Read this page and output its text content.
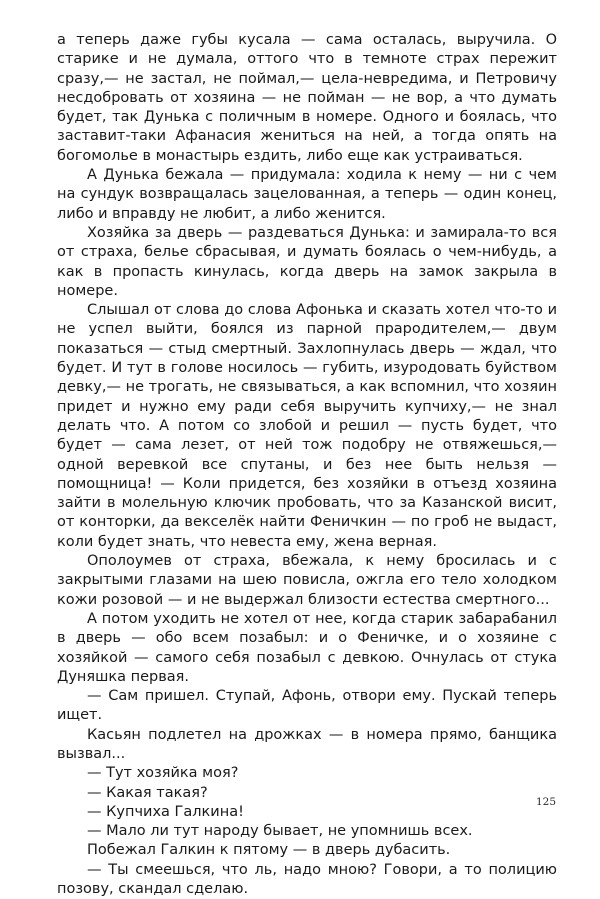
а теперь даже губы кусала — сама осталась, выручила. О старике и не думала, оттого что в темноте страх пережит сразу,— не застал, не поймал,— цела-невредима, и Петровичу несдобровать от хозяина — не пойман — не вор, а что думать будет, так Дунька с поличным в номере. Одного и боялась, что заставит-таки Афанасия жениться на ней, а тогда опять на богомолье в монастырь ездить, либо еще как устраиваться.

А Дунька бежала — придумала: ходила к нему — ни с чем на сундук возвращалась зацелованная, а теперь — один конец, либо и вправду не любит, а либо женится.

Хозяйка за дверь — раздеваться Дунька: и замирала-то вся от страха, белье сбрасывая, и думать боялась о чем-нибудь, а как в пропасть кинулась, когда дверь на замок закрыла в номере.

Слышал от слова до слова Афонька и сказать хотел что-то и не успел выйти, боялся из парной прародителем,— двум показаться — стыд смертный. Захлопнулась дверь — ждал, что будет. И тут в голове носилось — губить, изуродовать буйством девку,— не трогать, не связываться, а как вспомнил, что хозяин придет и нужно ему ради себя выручить купчиху,— не знал делать что. А потом со злобой и решил — пусть будет, что будет — сама лезет, от ней тож подобру не отвяжешься,— одной веревкой все спутаны, и без нее быть нельзя — помощница! — Коли придется, без хозяйки в отъезд хозяина зайти в молельную ключик пробовать, что за Казанской висит, от конторки, да векселёк найти Феничкин — по гроб не выдаст, коли будет знать, что невеста ему, жена верная.

Ополоумев от страха, вбежала, к нему бросилась и с закрытыми глазами на шею повисла, ожгла его тело холодком кожи розовой — и не выдержал близости естества смертного...

А потом уходить не хотел от нее, когда старик забарабанил в дверь — обо всем позабыл: и о Феничке, и о хозяине с хозяйкой — самого себя позабыл с девкою. Очнулась от стука Дуняшка первая.

— Сам пришел. Ступай, Афонь, отвори ему. Пускай теперь ищет.

Касьян подлетел на дрожках — в номера прямо, банщика вызвал...

— Тут хозяйка моя?

— Какая такая?

— Купчиха Галкина!

— Мало ли тут народу бывает, не упомнишь всех.

Побежал Галкин к пятому — в дверь дубасить.

— Ты смеешься, что ль, надо мною? Говори, а то полицию позову, скандал сделаю.

125
